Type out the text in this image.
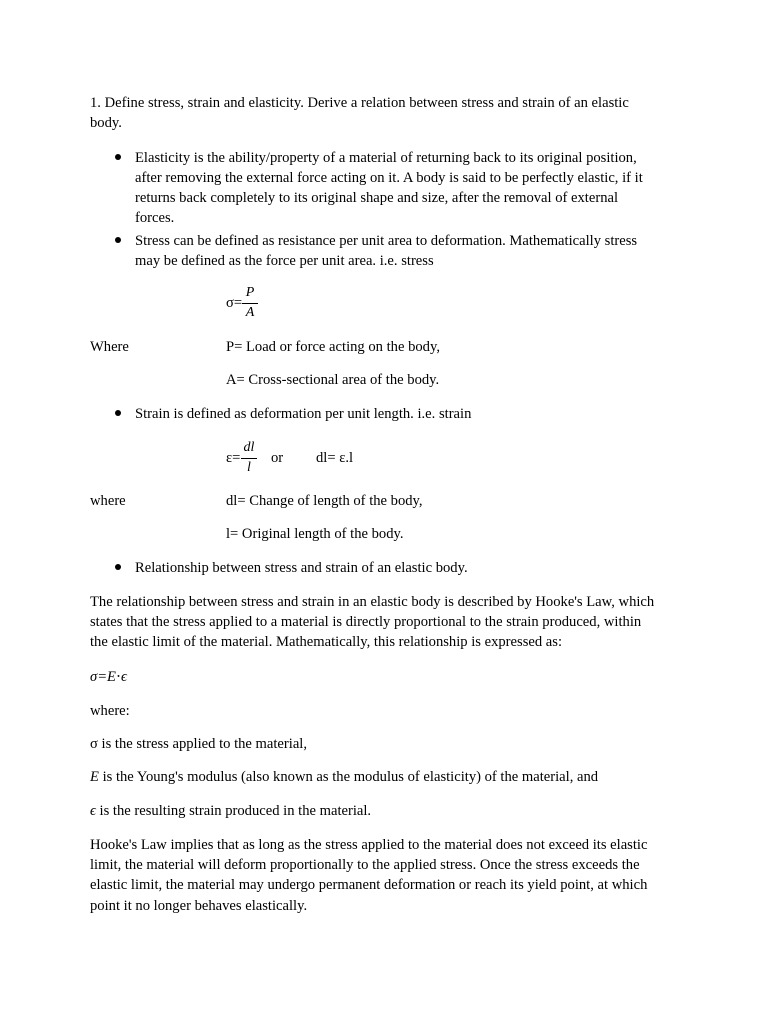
1. Define stress, strain and elasticity. Derive a relation between stress and strain of an elastic
body.
Elasticity is the ability/property of a material of returning back to its original position,
after removing the external force acting on it. A body is said to be perfectly elastic, if it
returns back completely to its original shape and size, after the removal of external
forces.
Stress can be defined as resistance per unit area to deformation. Mathematically stress
may be defined as the force per unit area. i.e. stress
σ=
P
A
Where	P= Load or force acting on the body,
A= Cross-sectional area of the body.
Strain is defined as deformation per unit length. i.e. strain
ε=
dl
l
or dl= ε.l
where	dl= Change of length of the body,
l= Original length of the body.
Relationship between stress and strain of an elastic body.
The relationship between stress and strain in an elastic body is described by Hooke's Law, which
states that the stress applied to a material is directly proportional to the strain produced, within
the elastic limit of the material. Mathematically, this relationship is expressed as:
σ=E⋅ϵ
where:
σ is the stress applied to the material,
E is the Young's modulus (also known as the modulus of elasticity) of the material, and
ϵ is the resulting strain produced in the material.
Hooke's Law implies that as long as the stress applied to the material does not exceed its elastic
limit, the material will deform proportionally to the applied stress. Once the stress exceeds the
elastic limit, the material may undergo permanent deformation or reach its yield point, at which
point it no longer behaves elastically.
